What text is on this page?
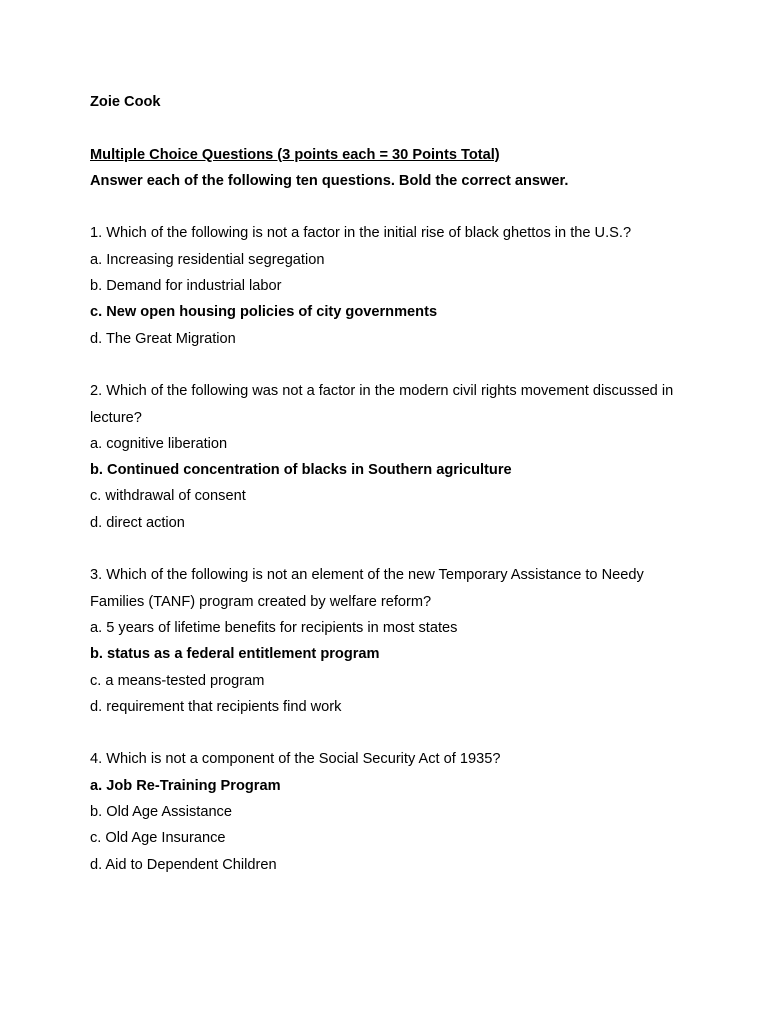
Zoie Cook

Multiple Choice Questions (3 points each = 30 Points Total)

Answer each of the following ten questions. Bold the correct answer.

1. Which of the following is not a factor in the initial rise of black ghettos in the U.S.?

a. Increasing residential segregation

b. Demand for industrial labor

c. New open housing policies of city governments

d. The Great Migration

2. Which of the following was not a factor in the modern civil rights movement discussed in lecture?

a. cognitive liberation

b. Continued concentration of blacks in Southern agriculture

c. withdrawal of consent

d. direct action

3. Which of the following is not an element of the new Temporary Assistance to Needy Families (TANF) program created by welfare reform?

a. 5 years of lifetime benefits for recipients in most states

b. status as a federal entitlement program

c. a means-tested program

d. requirement that recipients find work

4. Which is not a component of the Social Security Act of 1935?

a. Job Re-Training Program

b. Old Age Assistance

c. Old Age Insurance

d. Aid to Dependent Children
